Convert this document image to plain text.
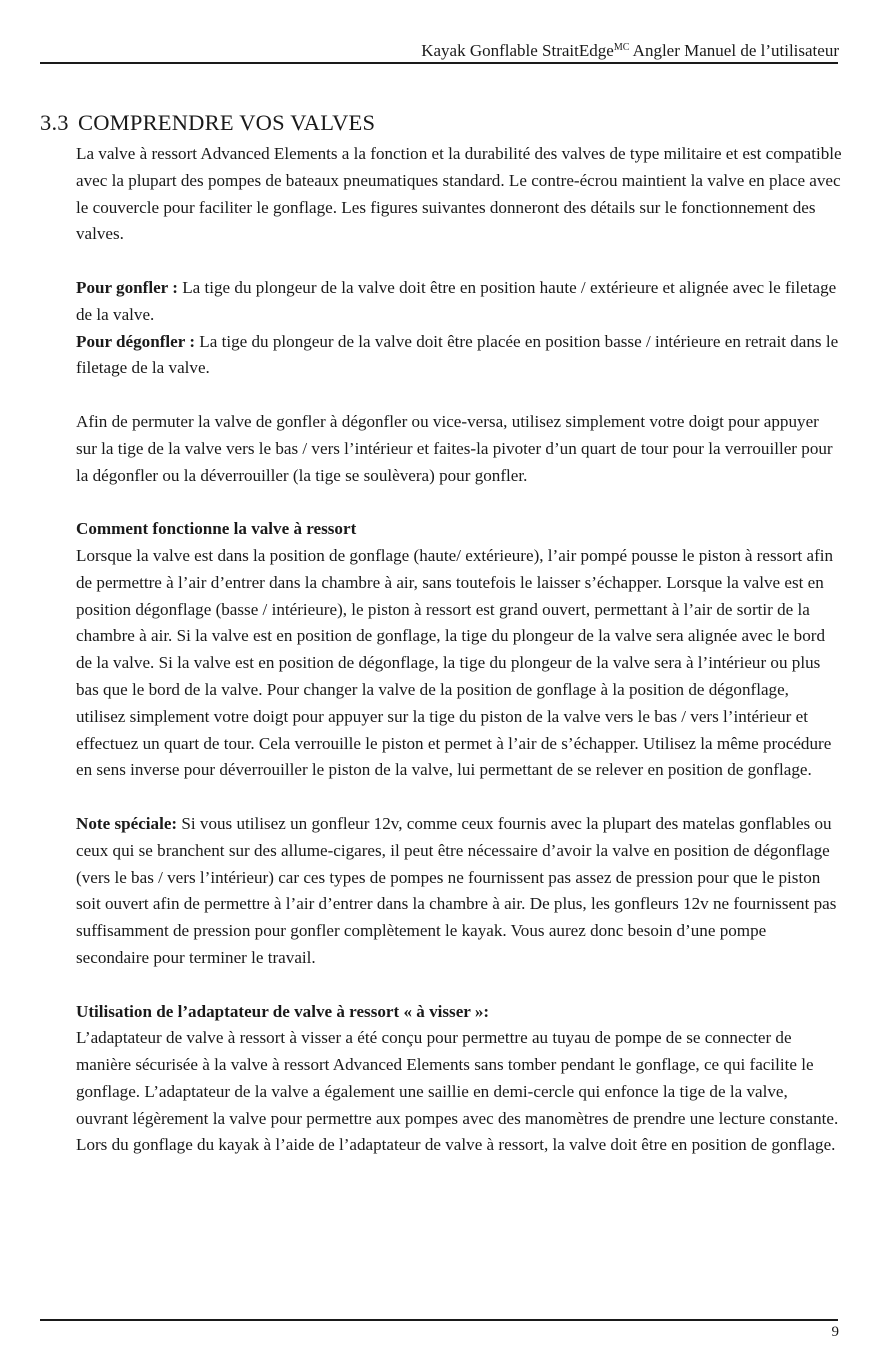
Kayak Gonflable StraitEdge$^{MC}$ Angler Manuel de l’utilisateur
3.3 COMPRENDRE VOS VALVES

La valve à ressort Advanced Elements a la fonction et la durabilité des valves de type militaire et est compatible avec la plupart des pompes de bateaux pneumatiques standard. Le contre-écrou maintient la valve en place avec le couvercle pour faciliter le gonflage. Les figures suivantes donneront des détails sur le fonctionnement des valves.

Pour gonfler : La tige du plongeur de la valve doit être en position haute / extérieure et alignée avec le filetage de la valve.

Pour dégonfler : La tige du plongeur de la valve doit être placée en position basse / intérieure en retrait dans le filetage de la valve.

Afin de permuter la valve de gonfler à dégonfler ou vice-versa, utilisez simplement votre doigt pour appuyer sur la tige de la valve vers le bas / vers l’intérieur et faites-la pivoter d’un quart de tour pour la verrouiller pour la dégonfler ou la déverrouiller (la tige se soulèvera) pour gonfler.

Comment fonctionne la valve à ressort

Lorsque la valve est dans la position de gonflage (haute/ extérieure), l’air pompé pousse le piston à ressort afin de permettre à l’air d’entrer dans la chambre à air, sans toutefois le laisser s’échapper. Lorsque la valve est en position dégonflage (basse / intérieure), le piston à ressort est grand ouvert, permettant à l’air de sortir de la chambre à air. Si la valve est en position de gonflage, la tige du plongeur de la valve sera alignée avec le bord de la valve. Si la valve est en position de dégonflage, la tige du plongeur de la valve sera à l’intérieur ou plus bas que le bord de la valve. Pour changer la valve de la position de gonflage à la position de dégonflage, utilisez simplement votre doigt pour appuyer sur la tige du piston de la valve vers le bas / vers l’intérieur et effectuez un quart de tour. Cela verrouille le piston et permet à l’air de s’échapper. Utilisez la même procédure en sens inverse pour déverrouiller le piston de la valve, lui permettant de se relever en position de gonflage.

Note spéciale: Si vous utilisez un gonfleur 12v, comme ceux fournis avec la plupart des matelas gonflables ou ceux qui se branchent sur des allume-cigares, il peut être nécessaire d’avoir la valve en position de dégonflage (vers le bas / vers l’intérieur) car ces types de pompes ne fournissent pas assez de pression pour que le piston soit ouvert afin de permettre à l’air d’entrer dans la chambre à air. De plus, les gonfleurs 12v ne fournissent pas suffisamment de pression pour gonfler complètement le kayak. Vous aurez donc besoin d’une pompe secondaire pour terminer le travail.

Utilisation de l’adaptateur de valve à ressort « à visser »:

L’adaptateur de valve à ressort à visser a été conçu pour permettre au tuyau de pompe de se connecter de manière sécurisée à la valve à ressort Advanced Elements sans tomber pendant le gonflage, ce qui facilite le gonflage. L’adaptateur de la valve a également une saillie en demi-cercle qui enfonce la tige de la valve, ouvrant légèrement la valve pour permettre aux pompes avec des manomètres de prendre une lecture constante. Lors du gonflage du kayak à l’aide de l’adaptateur de valve à ressort, la valve doit être en position de gonflage.

9
